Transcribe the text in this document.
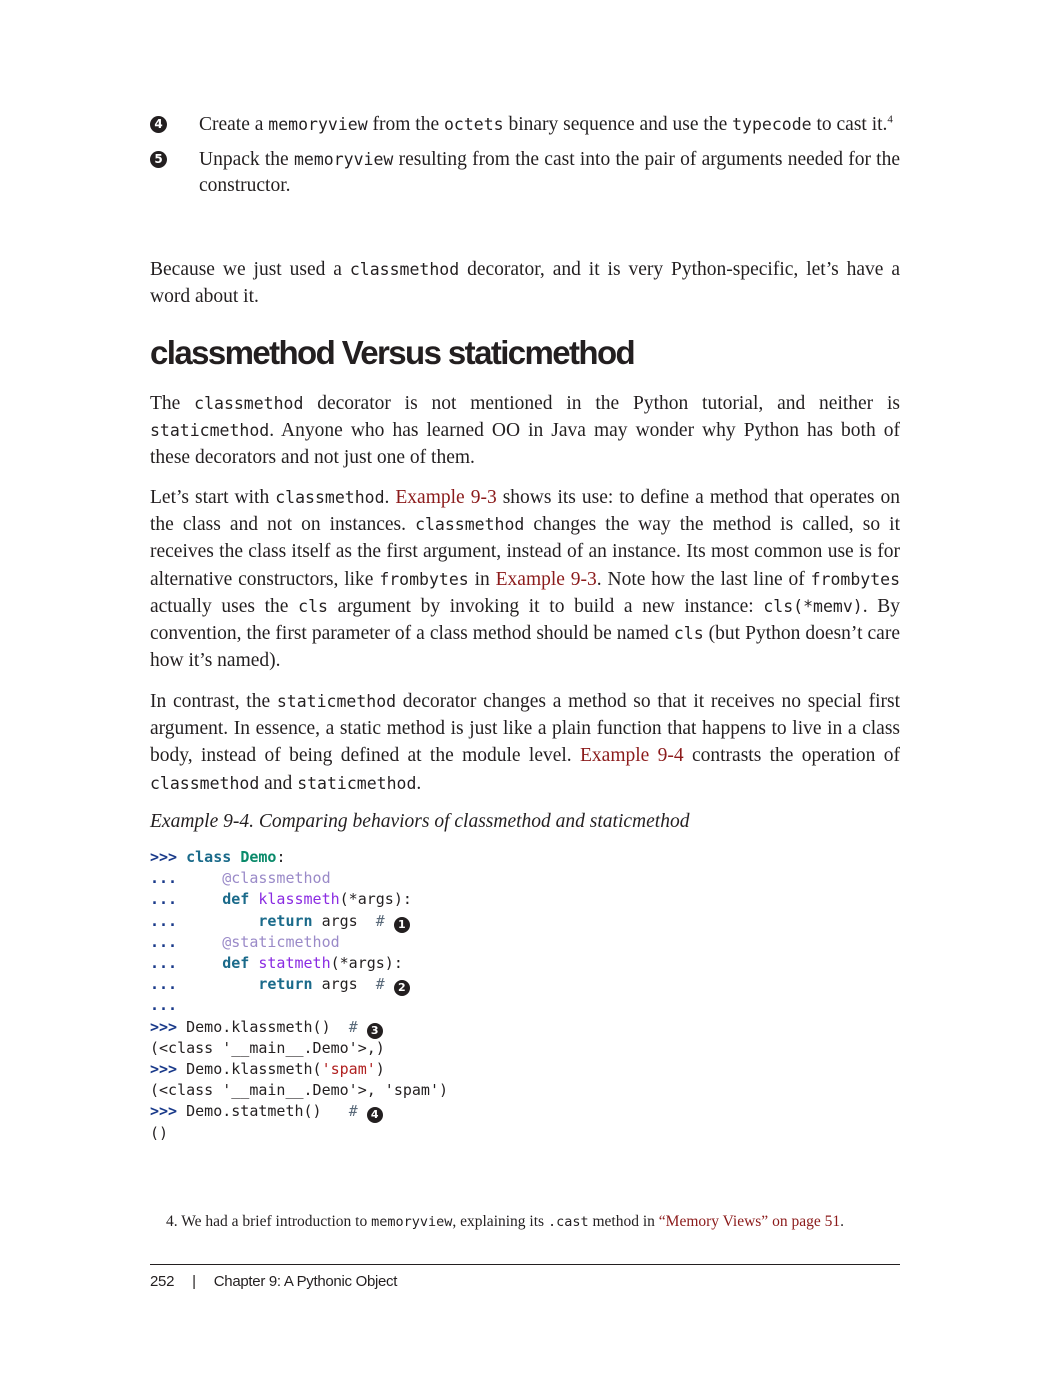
4 Create a memoryview from the octets binary sequence and use the typecode to cast it.$^4$
5 Unpack the memoryview resulting from the cast into the pair of arguments needed for the constructor.

Because we just used a classmethod decorator, and it is very Python-specific, let’s have a word about it.

classmethod Versus staticmethod

The classmethod decorator is not mentioned in the Python tutorial, and neither is staticmethod. Anyone who has learned OO in Java may wonder why Python has both of these decorators and not just one of them.

Let’s start with classmethod. Example 9-3 shows its use: to define a method that operates on the class and not on instances. classmethod changes the way the method is called, so it receives the class itself as the first argument, instead of an instance. Its most common use is for alternative constructors, like frombytes in Example 9-3. Note how the last line of frombytes actually uses the cls argument by invoking it to build a new instance: cls(*memv). By convention, the first parameter of a class method should be named cls (but Python doesn’t care how it’s named).

In contrast, the staticmethod decorator changes a method so that it receives no special first argument. In essence, a static method is just like a plain function that happens to live in a class body, instead of being defined at the module level. Example 9-4 contrasts the operation of classmethod and staticmethod.

Example 9-4. Comparing behaviors of classmethod and staticmethod

>>> class Demo:
...     @classmethod
...     def klassmeth(*args):
...         return args  # 1
...     @staticmethod
...     def statmeth(*args):
...         return args  # 2
...
>>> Demo.klassmeth()  # 3
(<class '__main__.Demo'>,)
>>> Demo.klassmeth('spam')
(<class '__main__.Demo'>, 'spam')
>>> Demo.statmeth()   # 4
()

4. We had a brief introduction to memoryview, explaining its .cast method in “Memory Views” on page 51.

252 | Chapter 9: A Pythonic Object
